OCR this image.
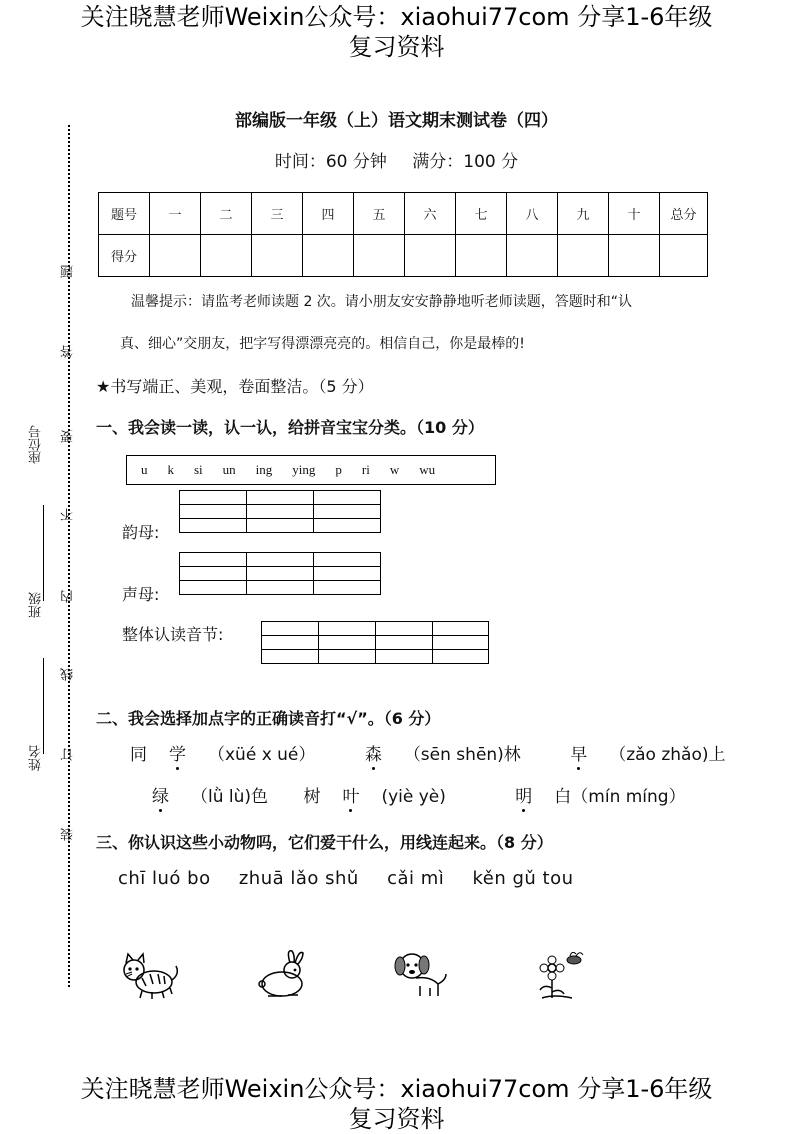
关注晓慧老师Weixin公众号：xiaohui77com 分享1-6年级
复习资料
部编版一年级（上）语文期末测试卷（四）
时间：60 分钟 满分：100 分
题号	一	二	三	四	五	六	七	八	九	十	总分
得分											
温馨提示：请监考老师读题 2 次。请小朋友安安静静地听老师读题，答题时和“认
真、细心”交朋友，把字写得漂漂亮亮的。相信自己，你是最棒的!
★书写端正、美观，卷面整洁。（5 分）
一、我会读一读，认一认，给拼音宝宝分类。（10 分）
u k si un ing ying p ri w wu

韵母:

声母:
整体认读音节:

二、我会选择加点字的正确读音打“√”。（6 分）
同 学 （xüé x ué）	森 （sēn shēn)林	早 （zǎo zhǎo)上
绿 （lǜ lù)色 树 叶 (yiè yè)	明 白（mín míng）
三、你认识这些小动物吗，它们爱干什么，用线连起来。（8 分）
chī luó bo zhuā lǎo shǔ cǎi mì kěn gǔ tou
题
答
要
不
内
线
订
装
座位号
班级
姓名
关注晓慧老师Weixin公众号：xiaohui77com 分享1-6年级
复习资料
